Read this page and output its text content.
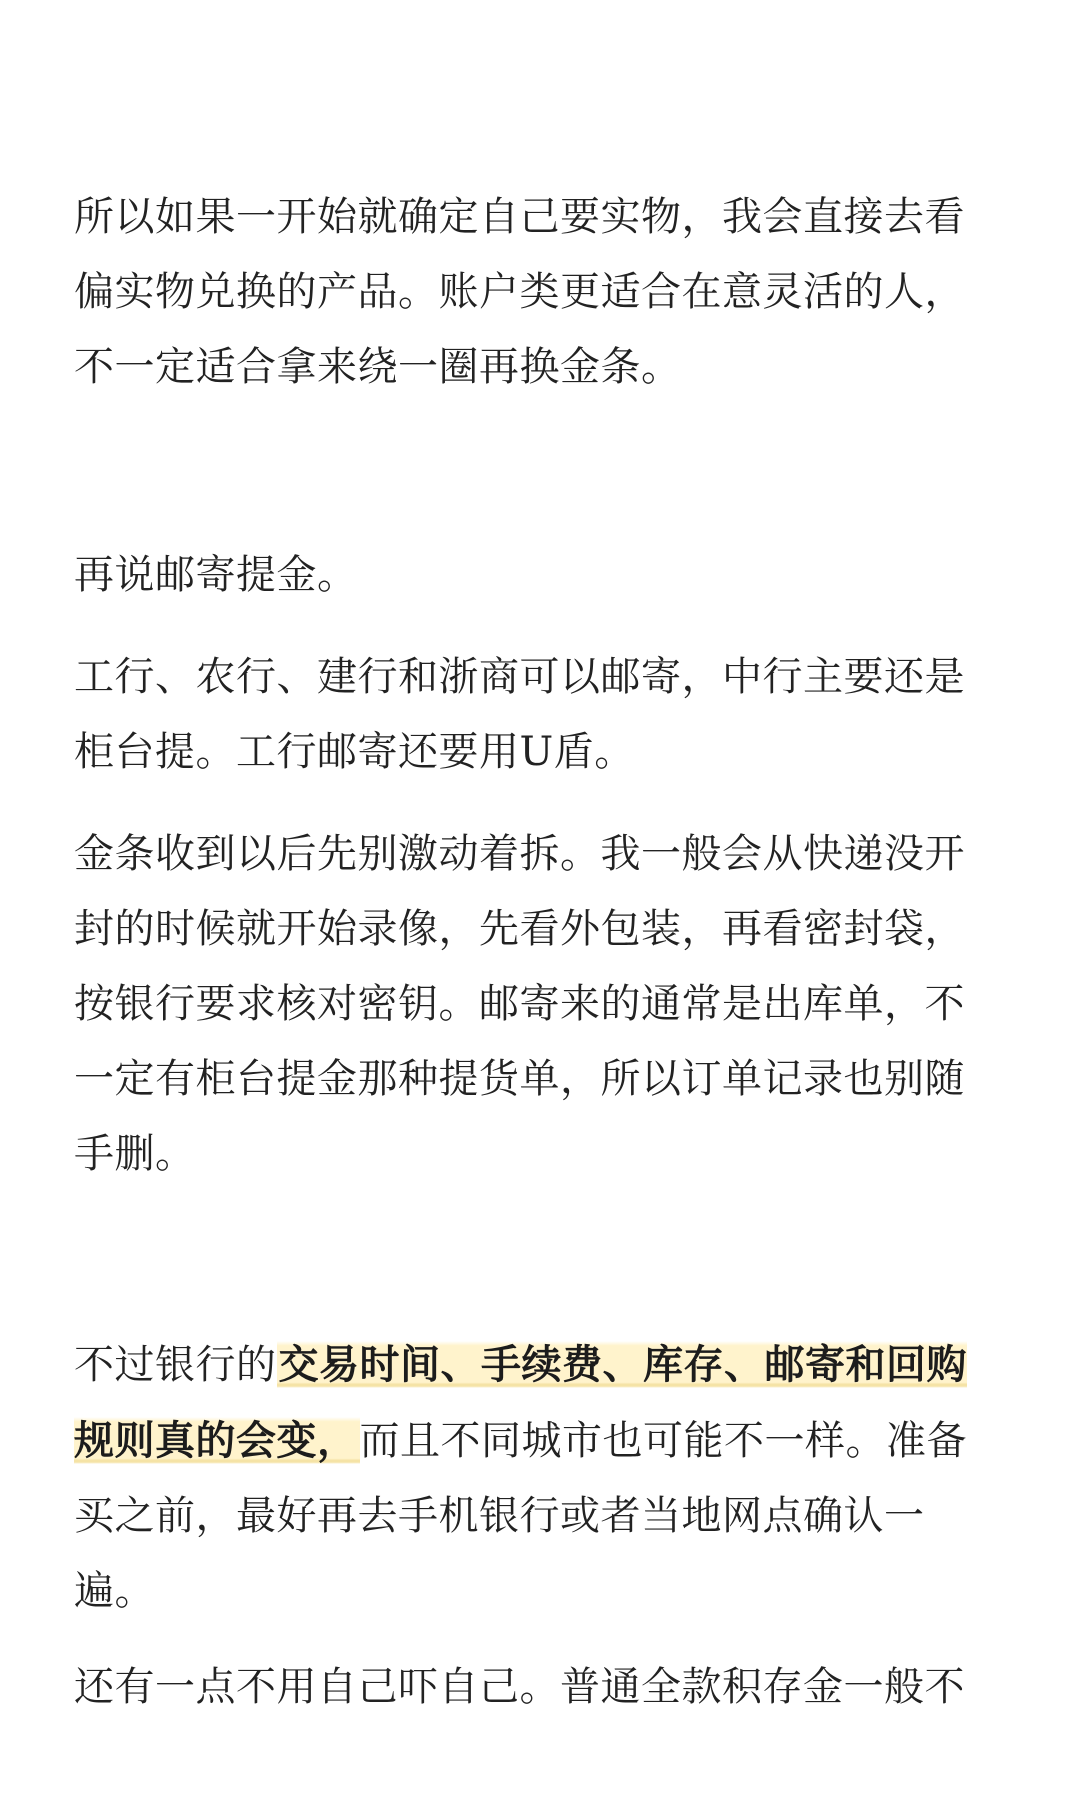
所以如果一开始就确定自己要实物，我会直接去看偏实物兑换的产品。账户类更适合在意灵活的人，不一定适合拿来绕一圈再换金条。

再说邮寄提金。

工行、农行、建行和浙商可以邮寄，中行主要还是柜台提。工行邮寄还要用U盾。

金条收到以后先别激动着拆。我一般会从快递没开封的时候就开始录像，先看外包装，再看密封袋，按银行要求核对密钥。邮寄来的通常是出库单，不一定有柜台提金那种提货单，所以订单记录也别随手删。

不过银行的交易时间、手续费、库存、邮寄和回购规则真的会变，而且不同城市也可能不一样。准备买之前，最好再去手机银行或者当地网点确认一遍。

还有一点不用自己吓自己。普通全款积存金一般不
